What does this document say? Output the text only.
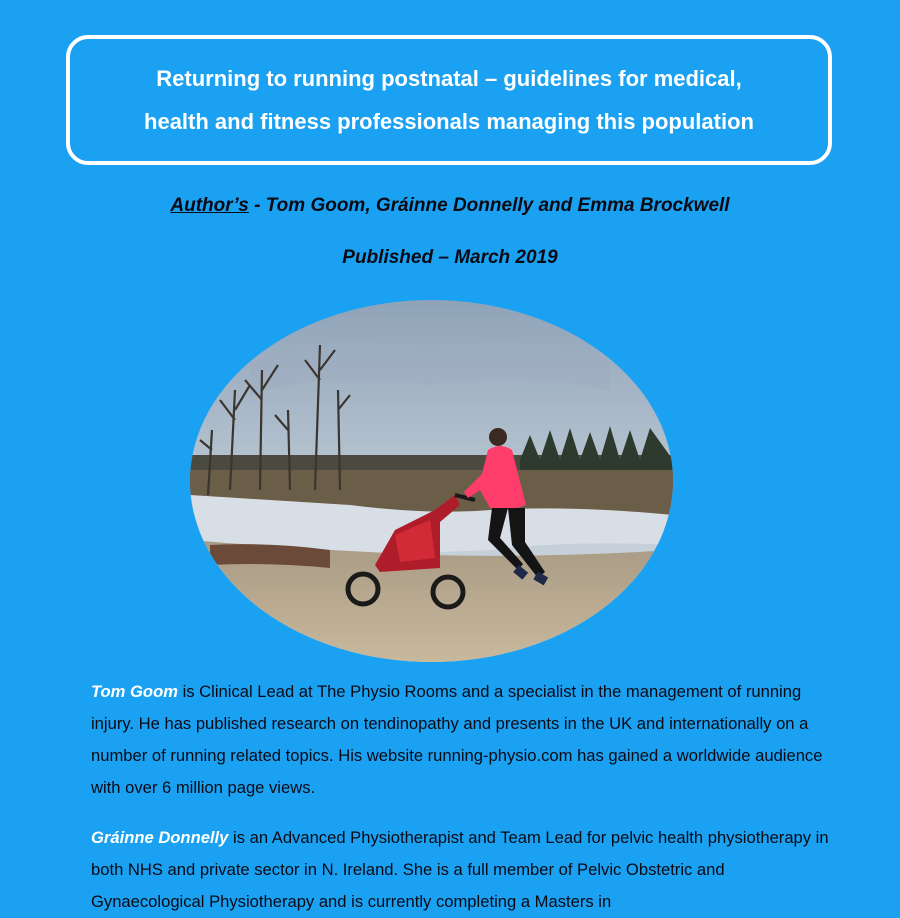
Returning to running postnatal – guidelines for medical,
health and fitness professionals managing this population
Author’s - Tom Goom, Gráinne Donnelly and Emma Brockwell
Published – March 2019
Tom Goom is Clinical Lead at The Physio Rooms and a specialist in the management of running injury. He has published research on tendinopathy and presents in the UK and internationally on a number of running related topics. His website running-physio.com has gained a worldwide audience with over 6 million page views.
Gráinne Donnelly is an Advanced Physiotherapist and Team Lead for pelvic health physiotherapy in both NHS and private sector in N. Ireland. She is a full member of Pelvic Obstetric and Gynaecological Physiotherapy and is currently completing a Masters in
